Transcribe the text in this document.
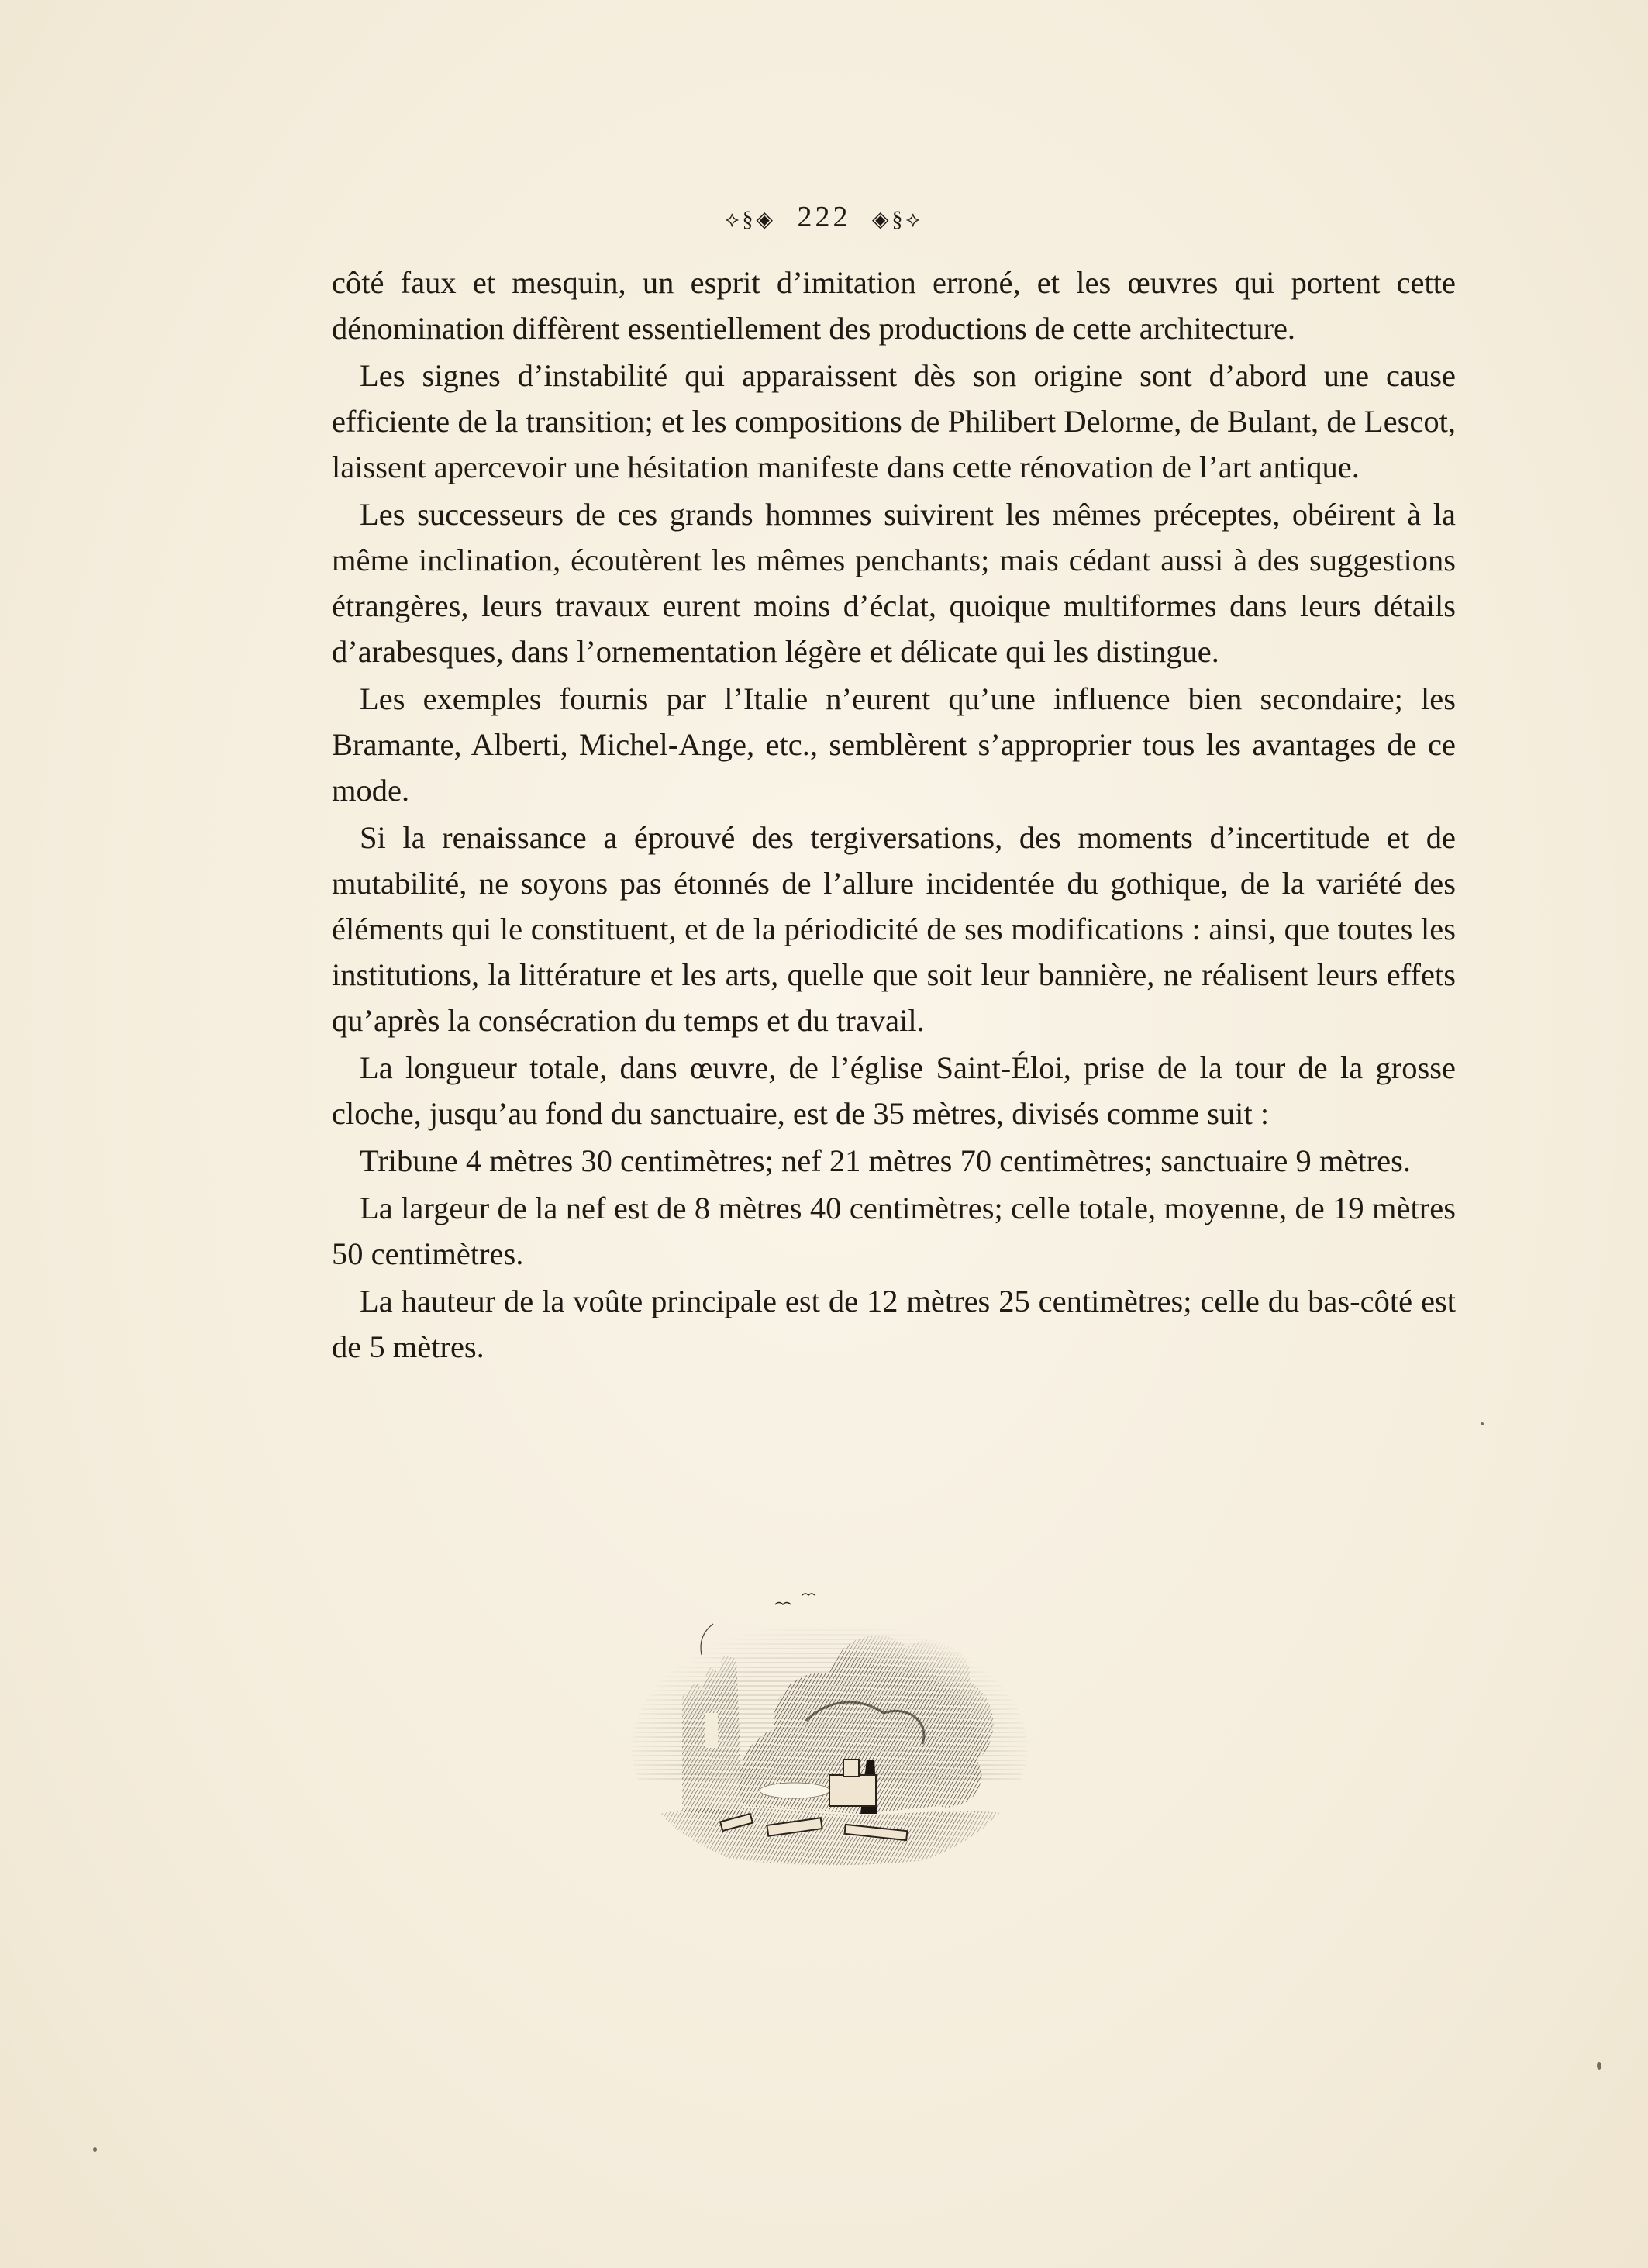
⟡§◈ 222 ◈§⟡

côté faux et mesquin, un esprit d’imitation erroné, et les œuvres qui portent cette dénomination diffèrent essentiellement des productions de cette architecture.

Les signes d’instabilité qui apparaissent dès son origine sont d’abord une cause efficiente de la transition; et les compositions de Philibert Delorme, de Bulant, de Lescot, laissent apercevoir une hésitation manifeste dans cette rénovation de l’art antique.

Les successeurs de ces grands hommes suivirent les mêmes préceptes, obéirent à la même inclination, écoutèrent les mêmes penchants; mais cédant aussi à des suggestions étrangères, leurs travaux eurent moins d’éclat, quoique multiformes dans leurs détails d’arabesques, dans l’ornementation légère et délicate qui les distingue.

Les exemples fournis par l’Italie n’eurent qu’une influence bien secondaire; les Bramante, Alberti, Michel-Ange, etc., semblèrent s’approprier tous les avantages de ce mode.

Si la renaissance a éprouvé des tergiversations, des moments d’incertitude et de mutabilité, ne soyons pas étonnés de l’allure incidentée du gothique, de la variété des éléments qui le constituent, et de la périodicité de ses modifications : ainsi, que toutes les institutions, la littérature et les arts, quelle que soit leur bannière, ne réalisent leurs effets qu’après la consécration du temps et du travail.

La longueur totale, dans œuvre, de l’église Saint-Éloi, prise de la tour de la grosse cloche, jusqu’au fond du sanctuaire, est de 35 mètres, divisés comme suit :

Tribune 4 mètres 30 centimètres; nef 21 mètres 70 centimètres; sanctuaire 9 mètres.

La largeur de la nef est de 8 mètres 40 centimètres; celle totale, moyenne, de 19 mètres 50 centimètres.

La hauteur de la voûte principale est de 12 mètres 25 centimètres; celle du bas-côté est de 5 mètres.
